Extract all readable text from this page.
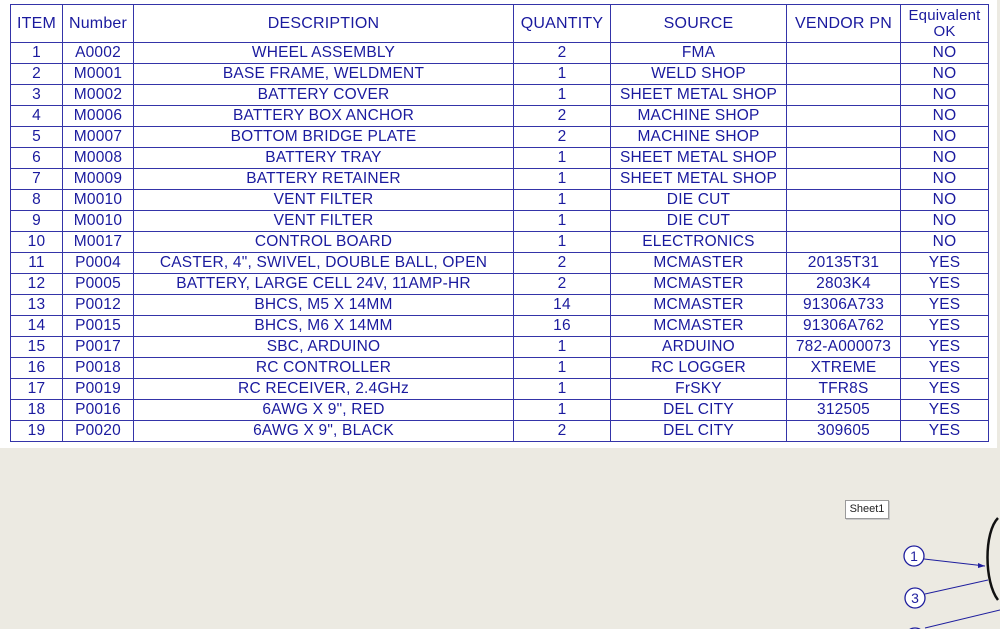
ITEM	Number	DESCRIPTION	QUANTITY	SOURCE	VENDOR PN	Equivalent
OK
1	A0002	WHEEL ASSEMBLY	2	FMA		NO
2	M0001	BASE FRAME, WELDMENT	1	WELD SHOP		NO
3	M0002	BATTERY COVER	1	SHEET METAL SHOP		NO
4	M0006	BATTERY BOX ANCHOR	2	MACHINE SHOP		NO
5	M0007	BOTTOM BRIDGE PLATE	2	MACHINE SHOP		NO
6	M0008	BATTERY TRAY	1	SHEET METAL SHOP		NO
7	M0009	BATTERY RETAINER	1	SHEET METAL SHOP		NO
8	M0010	VENT FILTER	1	DIE CUT		NO
9	M0010	VENT FILTER	1	DIE CUT		NO
10	M0017	CONTROL BOARD	1	ELECTRONICS		NO
11	P0004	CASTER, 4", SWIVEL, DOUBLE BALL, OPEN	2	MCMASTER	20135T31	YES
12	P0005	BATTERY, LARGE CELL 24V, 11AMP-HR	2	MCMASTER	2803K4	YES
13	P0012	BHCS, M5 X 14MM	14	MCMASTER	91306A733	YES
14	P0015	BHCS, M6 X 14MM	16	MCMASTER	91306A762	YES
15	P0017	SBC, ARDUINO	1	ARDUINO	782-A000073	YES
16	P0018	RC CONTROLLER	1	RC LOGGER	XTREME	YES
17	P0019	RC RECEIVER, 2.4GHz	1	FrSKY	TFR8S	YES
18	P0016	6AWG X 9", RED	1	DEL CITY	312505	YES
19	P0020	6AWG X 9", BLACK	2	DEL CITY	309605	YES
Sheet1
1
3
